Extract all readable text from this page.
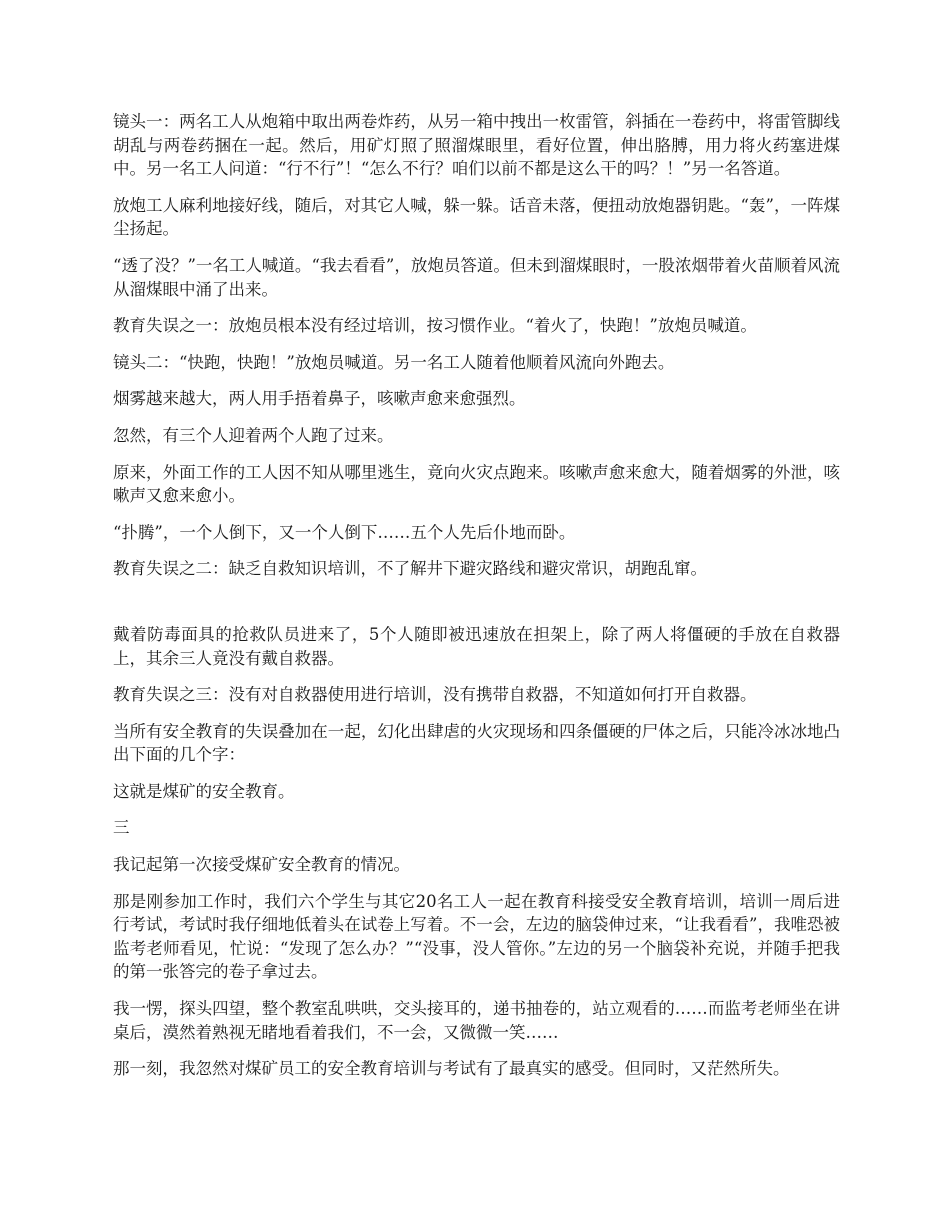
镜头一：两名工人从炮箱中取出两卷炸药，从另一箱中拽出一枚雷管，斜插在一卷药中，将雷管脚线胡乱与两卷药捆在一起。然后，用矿灯照了照溜煤眼里，看好位置，伸出胳膊，用力将火药塞进煤中。另一名工人问道：“行不行”！“怎么不行？咱们以前不都是这么干的吗？！”另一名答道。

放炮工人麻利地接好线，随后，对其它人喊，躲一躲。话音未落，便扭动放炮器钥匙。“轰”，一阵煤尘扬起。

“透了没？”一名工人喊道。“我去看看”，放炮员答道。但未到溜煤眼时，一股浓烟带着火苗顺着风流从溜煤眼中涌了出来。

教育失误之一：放炮员根本没有经过培训，按习惯作业。“着火了，快跑！”放炮员喊道。

镜头二：“快跑，快跑！”放炮员喊道。另一名工人随着他顺着风流向外跑去。

烟雾越来越大，两人用手捂着鼻子，咳嗽声愈来愈强烈。

忽然，有三个人迎着两个人跑了过来。

原来，外面工作的工人因不知从哪里逃生，竟向火灾点跑来。咳嗽声愈来愈大，随着烟雾的外泄，咳嗽声又愈来愈小。

“扑腾”，一个人倒下，又一个人倒下……五个人先后仆地而卧。

教育失误之二：缺乏自救知识培训，不了解井下避灾路线和避灾常识，胡跑乱窜。

戴着防毒面具的抢救队员进来了，5个人随即被迅速放在担架上，除了两人将僵硬的手放在自救器上，其余三人竟没有戴自救器。

教育失误之三：没有对自救器使用进行培训，没有携带自救器，不知道如何打开自救器。

当所有安全教育的失误叠加在一起，幻化出肆虐的火灾现场和四条僵硬的尸体之后，只能冷冰冰地凸出下面的几个字：

这就是煤矿的安全教育。

三

我记起第一次接受煤矿安全教育的情况。

那是刚参加工作时，我们六个学生与其它20名工人一起在教育科接受安全教育培训，培训一周后进行考试，考试时我仔细地低着头在试卷上写着。不一会，左边的脑袋伸过来，“让我看看”，我唯恐被监考老师看见，忙说：“发现了怎么办？”“没事，没人管你。”左边的另一个脑袋补充说，并随手把我的第一张答完的卷子拿过去。

我一愣，探头四望，整个教室乱哄哄，交头接耳的，递书抽卷的，站立观看的……而监考老师坐在讲桌后，漠然着熟视无睹地看着我们，不一会，又微微一笑……

那一刻，我忽然对煤矿员工的安全教育培训与考试有了最真实的感受。但同时，又茫然所失。
